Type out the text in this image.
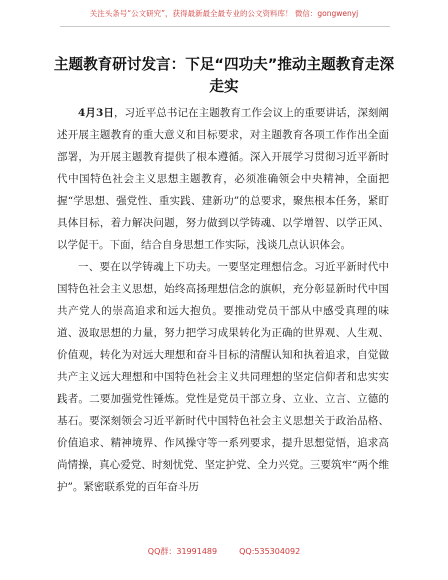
关注头条号“公文研究”，获得最新最全最专业的公文资料库！ 微信：gongwenyj
主题教育研讨发言：下足“四功夫”推动主题教育走深走实

4月3日，习近平总书记在主题教育工作会议上的重要讲话，深刻阐述开展主题教育的重大意义和目标要求，对主题教育各项工作作出全面部署，为开展主题教育提供了根本遵循。深入开展学习贯彻习近平新时代中国特色社会主义思想主题教育，必须准确领会中央精神，全面把握“学思想、强党性、重实践、建新功”的总要求，聚焦根本任务，紧盯具体目标，着力解决问题，努力做到以学铸魂、以学增智、以学正风、以学促干。下面，结合自身思想工作实际，浅谈几点认识体会。

一、要在以学铸魂上下功夫。一要坚定理想信念。习近平新时代中国特色社会主义思想，始终高扬理想信念的旗帜，充分彰显新时代中国共产党人的崇高追求和远大抱负。要推动党员干部从中感受真理的味道、汲取思想的力量，努力把学习成果转化为正确的世界观、人生观、价值观，转化为对远大理想和奋斗目标的清醒认知和执着追求，自觉做共产主义远大理想和中国特色社会主义共同理想的坚定信仰者和忠实实践者。二要加强党性锤炼。党性是党员干部立身、立业、立言、立德的基石。要深刻领会习近平新时代中国特色社会主义思想关于政治品格、价值追求、精神境界、作风操守等一系列要求，提升思想觉悟，追求高尚情操，真心爱党、时刻忧党、坚定护党、全力兴党。三要筑牢“两个维护”。紧密联系党的百年奋斗历

QQ群：31991489	QQ:535304092
